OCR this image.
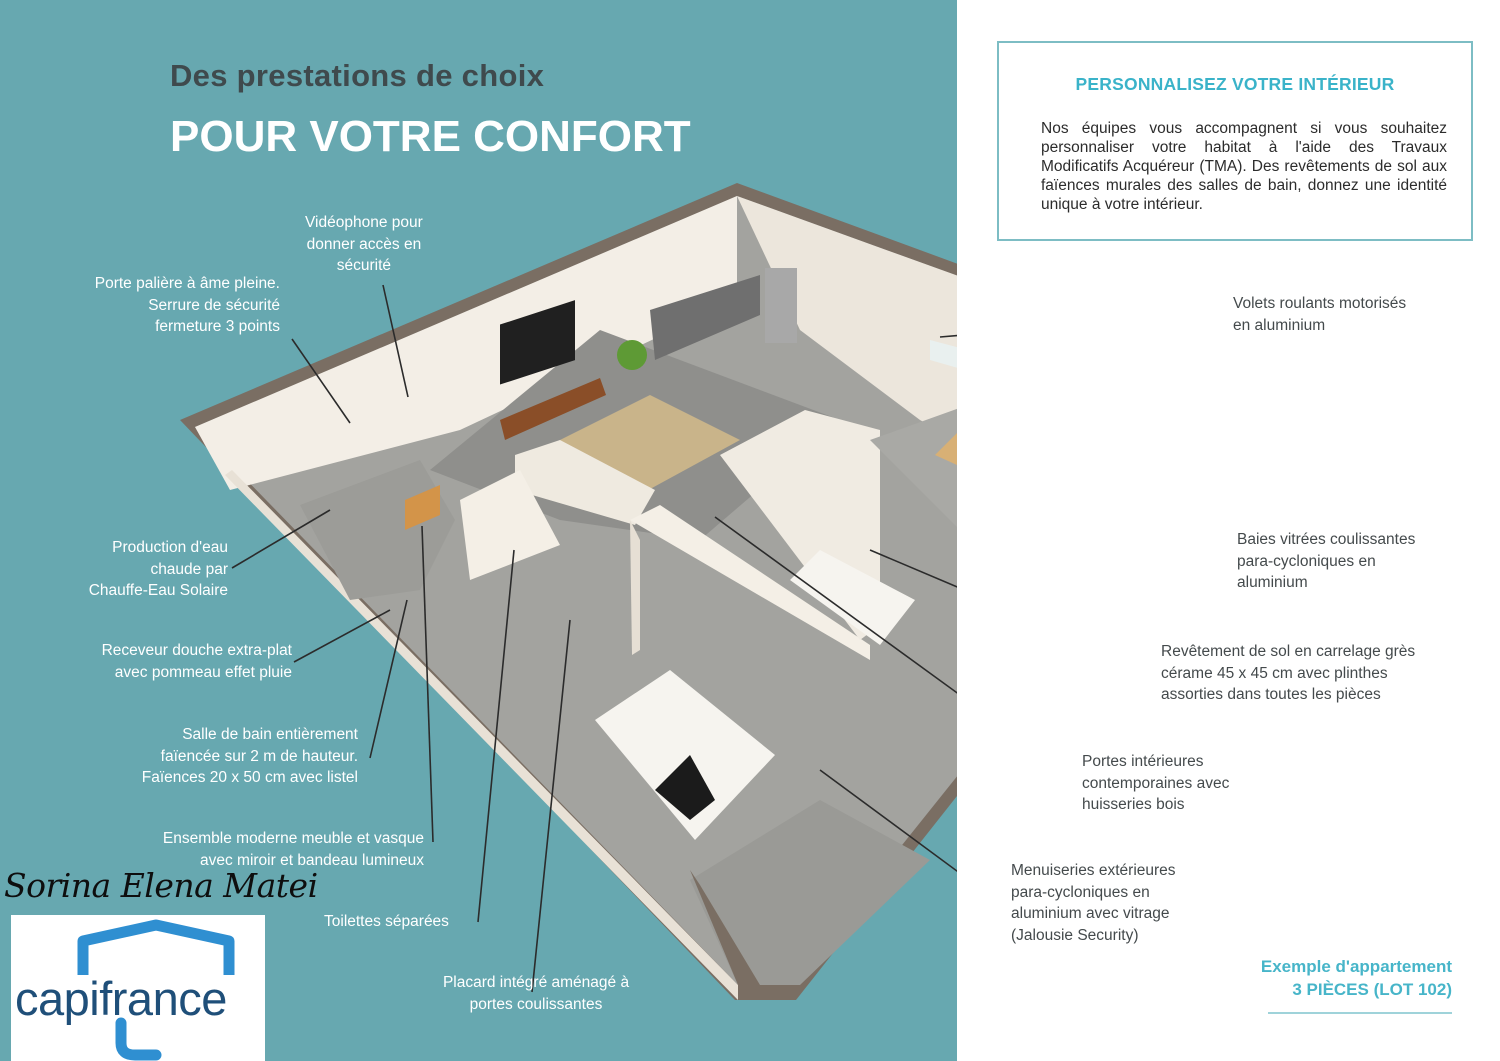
Des prestations de choix
POUR VOTRE CONFORT
Vidéophone pour
donner accès en
sécurité
Porte palière à âme pleine.
Serrure de sécurité
fermeture 3 points
Production d'eau
chaude par
Chauffe-Eau Solaire
Receveur douche extra-plat
avec pommeau effet pluie
Salle de bain entièrement
faïencée sur 2 m de hauteur.
Faïences 20 x 50 cm avec listel
Ensemble moderne meuble et vasque
avec miroir et bandeau lumineux
Toilettes séparées
Placard intégré aménagé à
portes coulissantes
Volets roulants motorisés
en aluminium
Baies vitrées coulissantes
para-cycloniques en
aluminium
Revêtement de sol en carrelage grès
cérame 45 x 45 cm avec plinthes
assorties dans toutes les pièces
Portes intérieures
contemporaines avec
huisseries bois
Menuiseries extérieures
para-cycloniques en
aluminium avec vitrage
(Jalousie Security)
PERSONNALISEZ VOTRE INTÉRIEUR
Nos équipes vous accompagnent si vous souhaitez personnaliser votre habitat à l'aide des Travaux Modificatifs Acquéreur (TMA). Des revêtements de sol aux faïences murales des salles de bain, donnez une identité unique à votre intérieur.
Exemple d'appartement
3 PIÈCES (LOT 102)
Sorina Elena Matei
capifrance
